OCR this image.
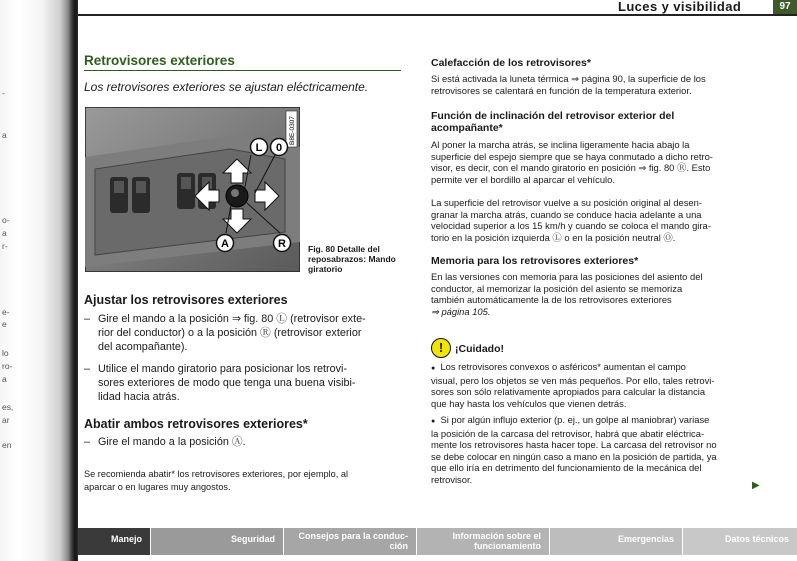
-
a
o-
a
r-
e-
e
lo
ro-
a
es,
ar
en
Luces y visibilidad	97
Retrovisores exteriores
Los retrovisores exteriores se ajustan eléctricamente.
L 0
A	R
B8E-0307
Fig. 80 Detalle del
reposabrazos: Mando
giratorio
Ajustar los retrovisores exteriores
– Gire el mando a la posición ⇒ fig. 80 Ⓛ (retrovisor exte-
rior del conductor) o a la posición Ⓡ (retrovisor exterior
del acompañante).
– Utilice el mando giratorio para posicionar los retrovi-
sores exteriores de modo que tenga una buena visibi-
lidad hacia atrás.
Abatir ambos retrovisores exteriores*
– Gire el mando a la posición Ⓐ.
Se recomienda abatir* los retrovisores exteriores, por ejemplo, al
aparcar o en lugares muy angostos.
Calefacción de los retrovisores*
Si está activada la luneta térmica ⇒ página 90, la superficie de los
retrovisores se calentará en función de la temperatura exterior.
Función de inclinación del retrovisor exterior del
acompañante*
Al poner la marcha atrás, se inclina ligeramente hacia abajo la
superficie del espejo siempre que se haya conmutado a dicho retro-
visor, es decir, con el mando giratorio en posición ⇒ fig. 80 Ⓡ. Esto
permite ver el bordillo al aparcar el vehículo.
La superficie del retrovisor vuelve a su posición original al desen-
granar la marcha atrás, cuando se conduce hacia adelante a una
velocidad superior a los 15 km/h y cuando se coloca el mando gira-
torio en la posición izquierda Ⓛ o en la posición neutral Ⓞ.
Memoria para los retrovisores exteriores*
En las versiones con memoria para las posiciones del asiento del
conductor, al memorizar la posición del asiento se memoriza
también automáticamente la de los retrovisores exteriores
⇒ página 105.
!	¡Cuidado!
● Los retrovisores convexos o asféricos* aumentan el campo
visual, pero los objetos se ven más pequeños. Por ello, tales retrovi-
sores son sólo relativamente apropiados para calcular la distancia
que hay hasta los vehículos que vienen detrás.
● Si por algún influjo exterior (p. ej., un golpe al maniobrar) variase
la posición de la carcasa del retrovisor, habrá que abatir eléctrica-
mente los retrovisores hasta hacer tope. La carcasa del retrovisor no
se debe colocar en ningún caso a mano en la posición de partida, ya
que ello iría en detrimento del funcionamiento de la mecánica del
retrovisor.
▶
Manejo	Seguridad	Consejos para la conduc-
ción
Información sobre el
funcionamiento
Emergencias	Datos técnicos
